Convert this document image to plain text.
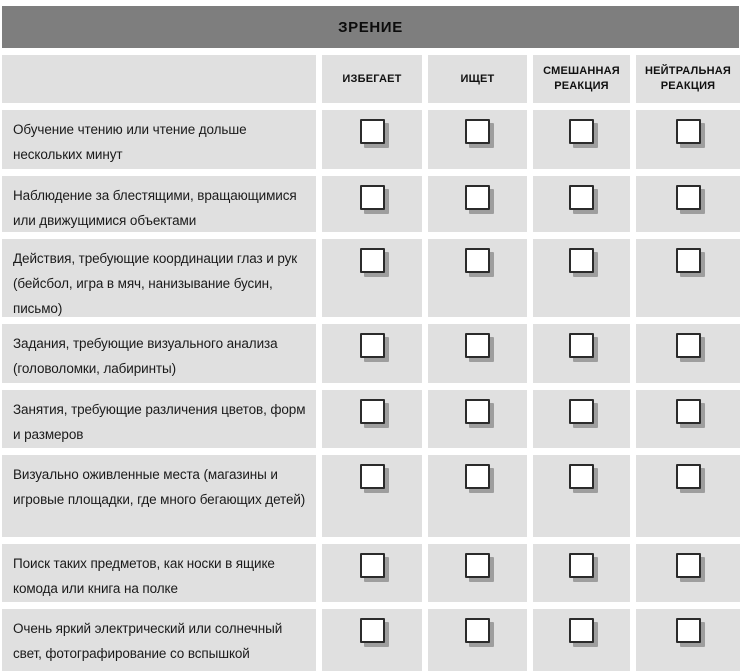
ЗРЕНИЕ
ИЗБЕГАЕТ	ИЩЕТ
СМЕШАННАЯ РЕАКЦИЯ
НЕЙТРАЛЬНАЯ РЕАКЦИЯ
Обучение чтению или чтение дольше нескольких минут
Наблюдение за блестящими, вращающимися или движущимися объектами
Действия, требующие координации глаз и рук (бейсбол, игра в мяч, нанизывание бусин, письмо)
Задания, требующие визуального анализа (головоломки, лабиринты)
Занятия, требующие различения цветов, форм и размеров
Визуально оживленные места (магазины и игровые площадки, где много бегающих детей)
Поиск таких предметов, как носки в ящике комода или книга на полке
Очень яркий электрический или солнечный свет, фотографирование со вспышкой
